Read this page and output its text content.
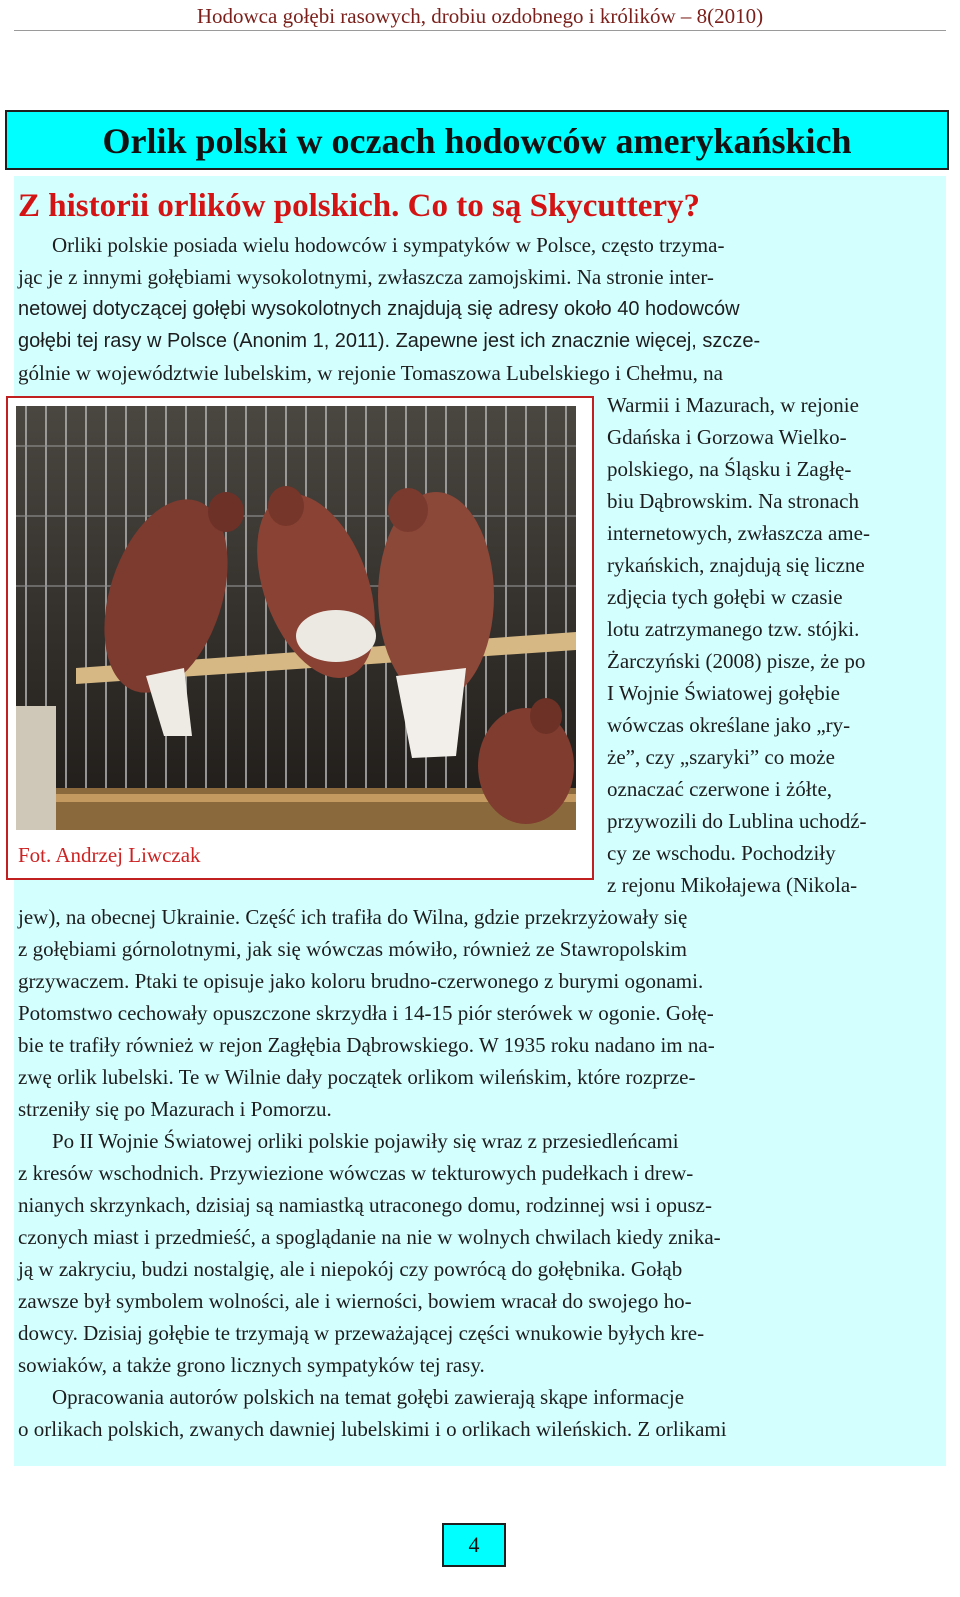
Hodowca gołębi rasowych, drobiu ozdobnego i królików – 8(2010)
Orlik polski w oczach hodowców amerykańskich
Z historii orlików polskich. Co to są Skycuttery?
Orliki polskie posiada wielu hodowców i sympatyków w Polsce, często trzyma-
jąc je z innymi gołębiami wysokolotnymi, zwłaszcza zamojskimi. Na stronie inter-
netowej dotyczącej gołębi wysokolotnych znajdują się adresy około 40 hodowców
gołębi tej rasy w Polsce (Anonim 1, 2011). Zapewne jest ich znacznie więcej, szcze-
gólnie w województwie lubelskim, w rejonie Tomaszowa Lubelskiego i Chełmu, na
Fot. Andrzej Liwczak
Warmii i Mazurach, w rejonie
Gdańska i Gorzowa Wielko-
polskiego, na Śląsku i Zagłę-
biu Dąbrowskim. Na stronach
internetowych, zwłaszcza ame-
rykańskich, znajdują się liczne
zdjęcia tych gołębi w czasie
lotu zatrzymanego tzw. stójki.
Żarczyński (2008) pisze, że po
I Wojnie Światowej gołębie
wówczas określane jako „ry-
że”, czy „szaryki” co może
oznaczać czerwone i żółte,
przywozili do Lublina uchodź-
cy ze wschodu. Pochodziły
z rejonu Mikołajewa (Nikola-
jew), na obecnej Ukrainie. Część ich trafiła do Wilna, gdzie przekrzyżowały się
z gołębiami górnolotnymi, jak się wówczas mówiło, również ze Stawropolskim
grzywaczem. Ptaki te opisuje jako koloru brudno-czerwonego z burymi ogonami.
Potomstwo cechowały opuszczone skrzydła i 14-15 piór sterówek w ogonie. Gołę-
bie te trafiły również w rejon Zagłębia Dąbrowskiego. W 1935 roku nadano im na-
zwę orlik lubelski. Te w Wilnie dały początek orlikom wileńskim, które rozprze-
strzeniły się po Mazurach i Pomorzu.
Po II Wojnie Światowej orliki polskie pojawiły się wraz z przesiedleńcami
z kresów wschodnich. Przywiezione wówczas w tekturowych pudełkach i drew-
nianych skrzynkach, dzisiaj są namiastką utraconego domu, rodzinnej wsi i opusz-
czonych miast i przedmieść, a spoglądanie na nie w wolnych chwilach kiedy znika-
ją w zakryciu, budzi nostalgię, ale i niepokój czy powrócą do gołębnika. Gołąb
zawsze był symbolem wolności, ale i wierności, bowiem wracał do swojego ho-
dowcy. Dzisiaj gołębie te trzymają w przeważającej części wnukowie byłych kre-
sowiaków, a także grono licznych sympatyków tej rasy.
Opracowania autorów polskich na temat gołębi zawierają skąpe informacje
o orlikach polskich, zwanych dawniej lubelskimi i o orlikach wileńskich. Z orlikami
4
